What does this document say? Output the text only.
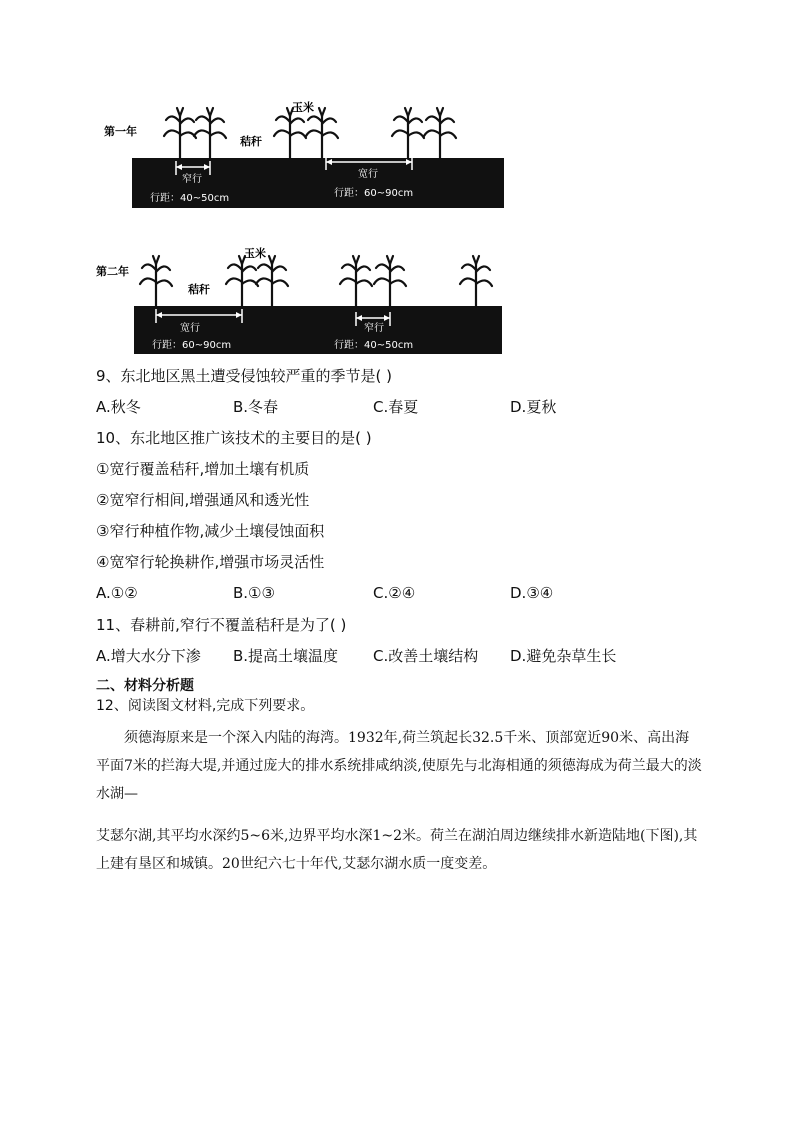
第一年
玉米
秸秆
窄行	宽行
行距：40~50cm	行距：60~90cm
第二年
玉米
秸秆
宽行	窄行
行距：60~90cm	行距：40~50cm
9、东北地区黑土遭受侵蚀较严重的季节是( )
A.秋冬	B.冬春	C.春夏	D.夏秋
10、东北地区推广该技术的主要目的是( )
①宽行覆盖秸秆,增加土壤有机质
②宽窄行相间,增强通风和透光性
③窄行种植作物,减少土壤侵蚀面积
④宽窄行轮换耕作,增强市场灵活性
A.①②	B.①③	C.②④	D.③④
11、春耕前,窄行不覆盖秸秆是为了( )
A.增大水分下渗 B.提高土壤温度 C.改善土壤结构 D.避免杂草生长
二、材料分析题
12、阅读图文材料,完成下列要求。
须德海原来是一个深入内陆的海湾。1932年,荷兰筑起长32.5千米、顶部宽近90米、高出海平面7米的拦海大堤,并通过庞大的排水系统排咸纳淡,使原先与北海相通的须德海成为荷兰最大的淡水湖—
艾瑟尔湖,其平均水深约5~6米,边界平均水深1~2米。荷兰在湖泊周边继续排水新造陆地(下图),其上建有垦区和城镇。20世纪六七十年代,艾瑟尔湖水质一度变差。
